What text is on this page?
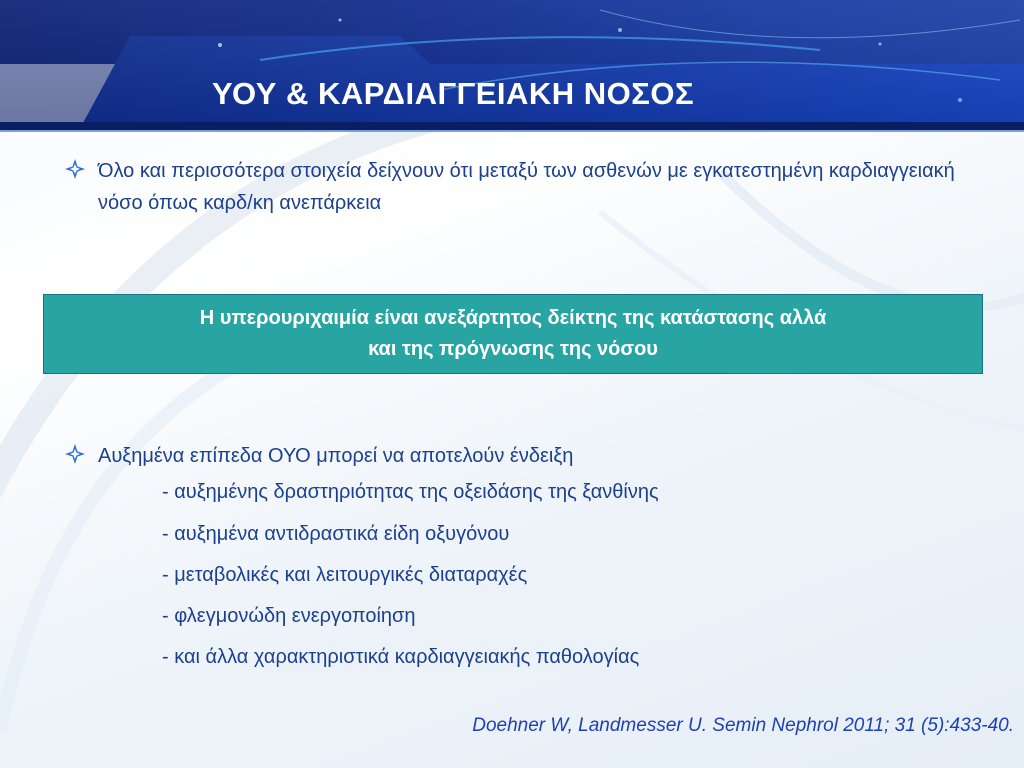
ΥΟΥ & ΚΑΡΔΙΑΓΓΕΙΑΚΗ ΝΟΣΟΣ
Όλο και περισσότερα στοιχεία δείχνουν ότι μεταξύ των ασθενών με εγκατεστημένη καρδιαγγειακή νόσο όπως καρδ/κη ανεπάρκεια
Η υπερουριχαιμία είναι ανεξάρτητος δείκτης της κατάστασης αλλά
και της πρόγνωσης της νόσου
Αυξημένα επίπεδα ΟΥΟ μπορεί να αποτελούν ένδειξη
- αυξημένης δραστηριότητας της οξειδάσης της ξανθίνης
- αυξημένα αντιδραστικά είδη οξυγόνου
- μεταβολικές και λειτουργικές διαταραχές
- φλεγμονώδη ενεργοποίηση
- και άλλα χαρακτηριστικά καρδιαγγειακής παθολογίας
Doehner W, Landmesser U. Semin Nephrol 2011; 31 (5):433-40.
